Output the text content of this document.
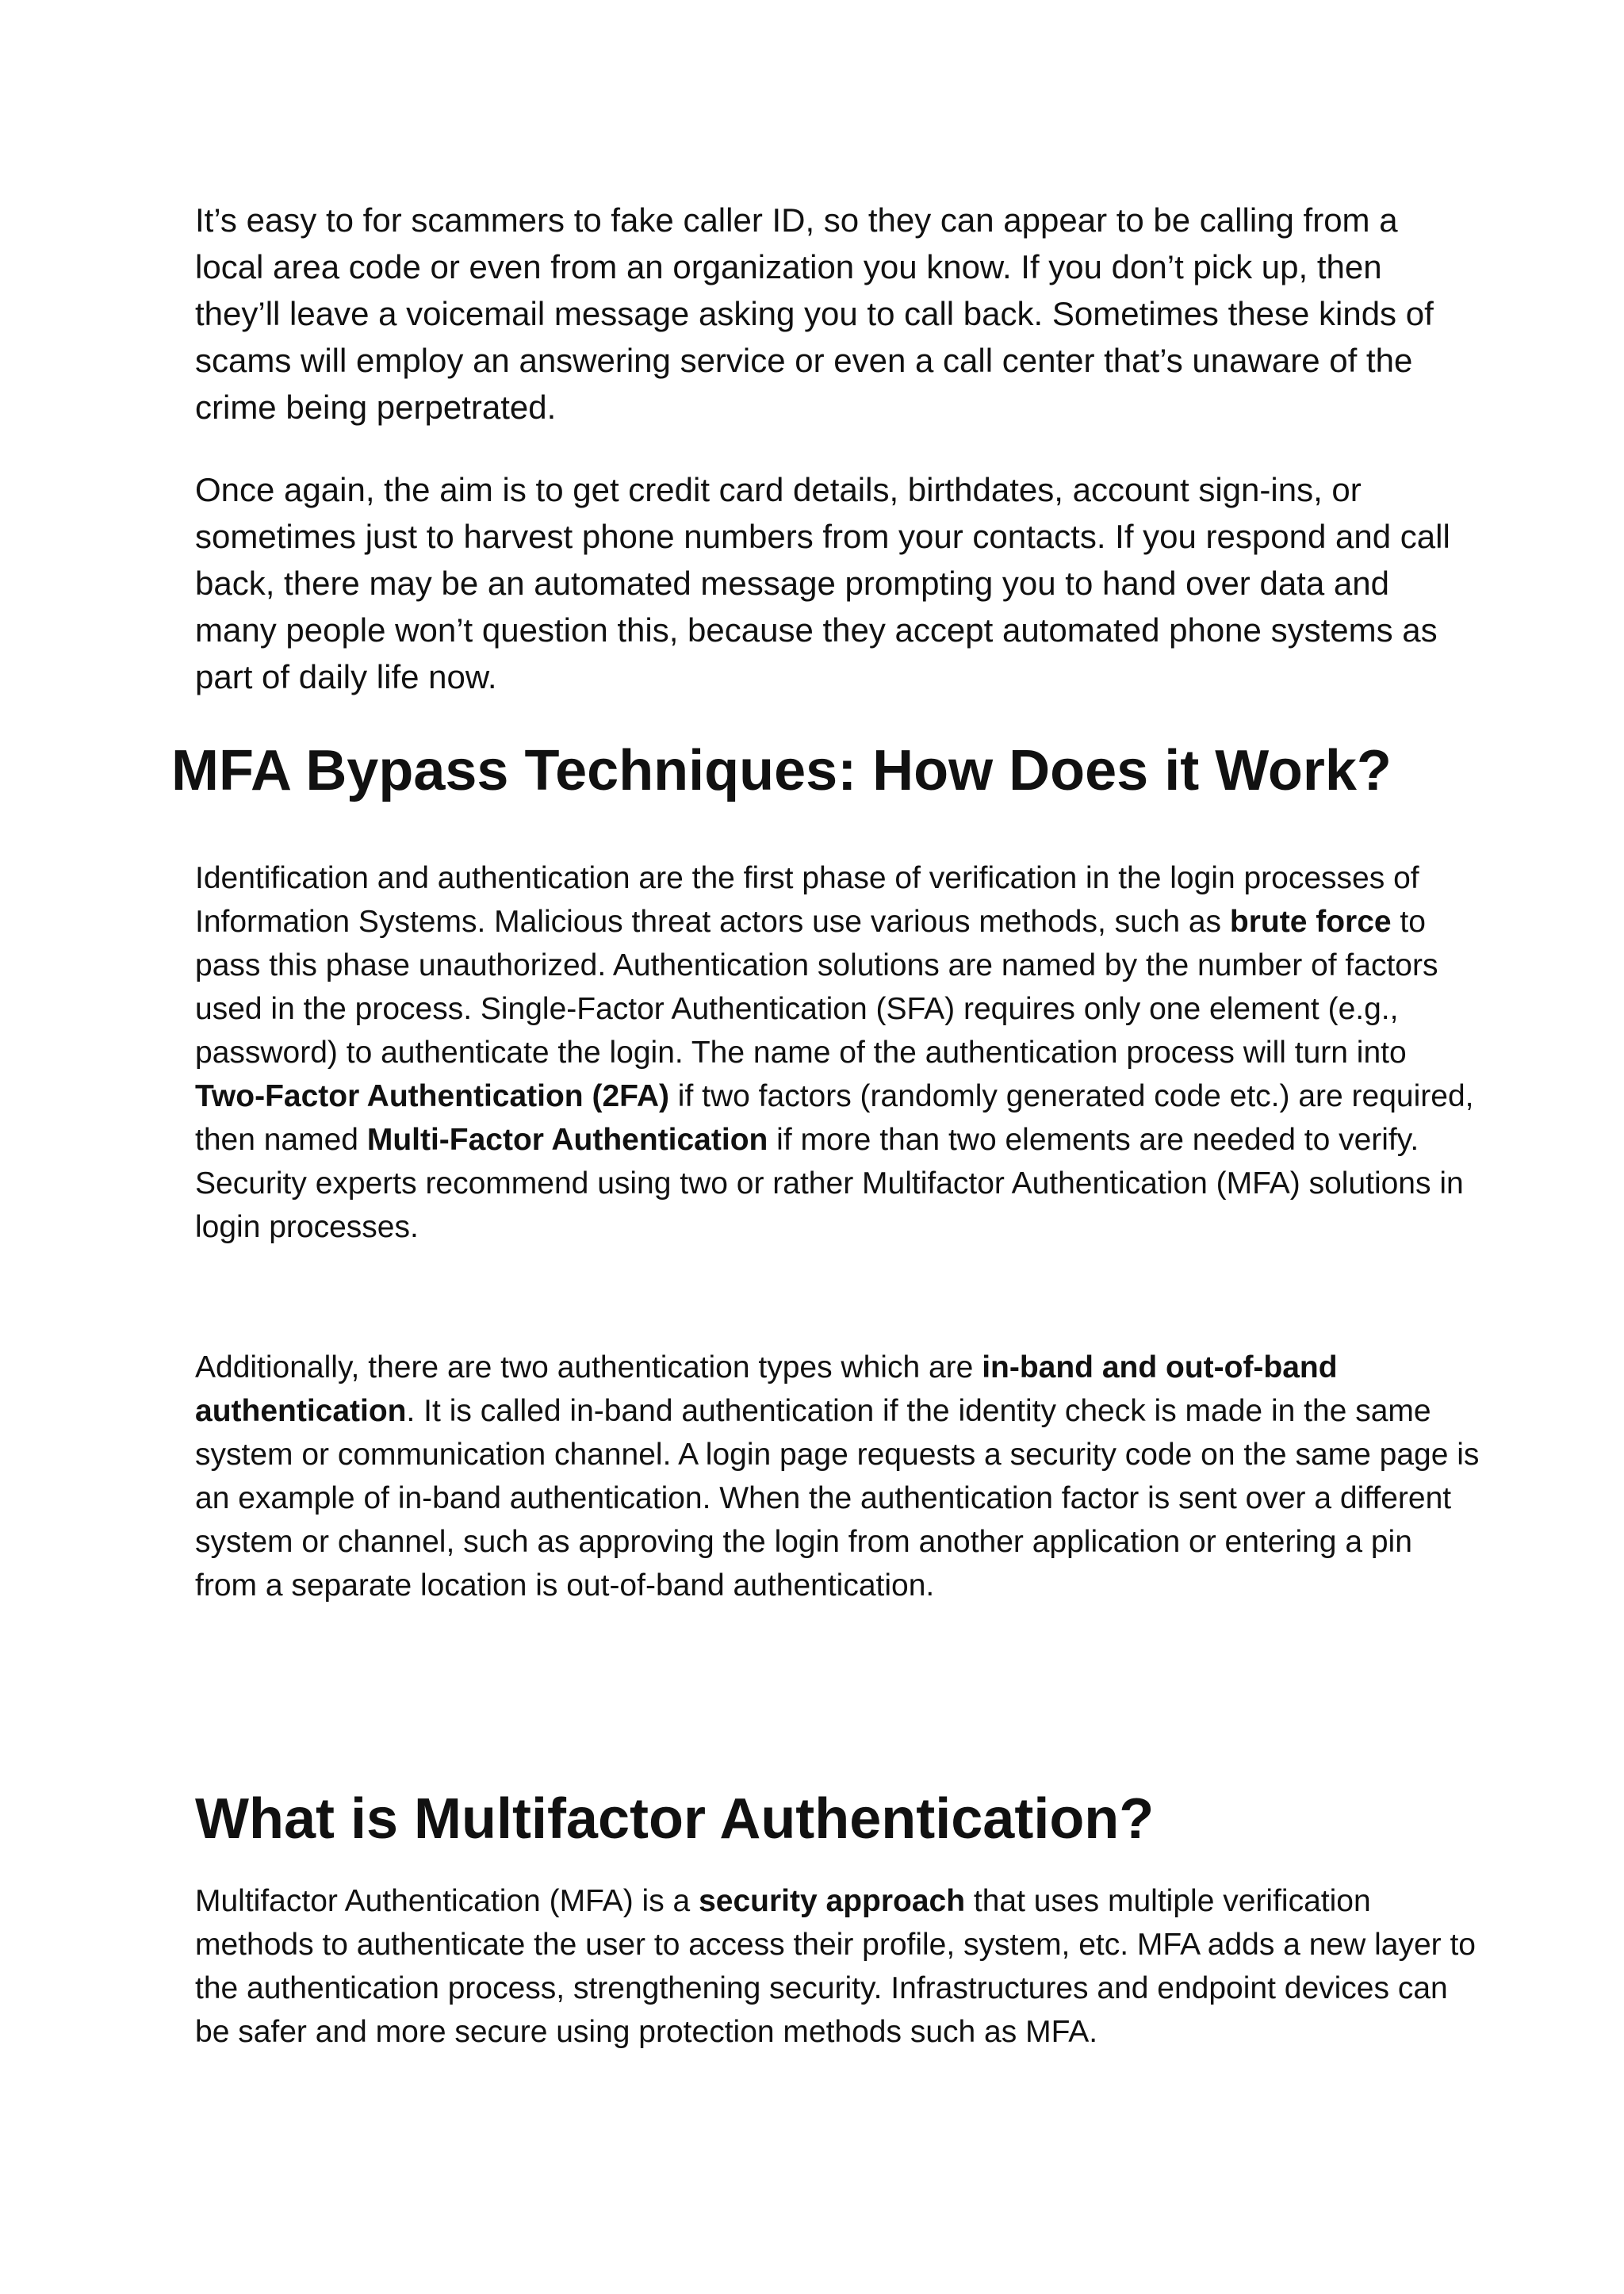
It’s easy to for scammers to fake caller ID, so they can appear to be calling from a local area code or even from an organization you know. If you don’t pick up, then they’ll leave a voicemail message asking you to call back. Sometimes these kinds of scams will employ an answering service or even a call center that’s unaware of the crime being perpetrated.

Once again, the aim is to get credit card details, birthdates, account sign-ins, or sometimes just to harvest phone numbers from your contacts. If you respond and call back, there may be an automated message prompting you to hand over data and many people won’t question this, because they accept automated phone systems as part of daily life now.

MFA Bypass Techniques: How Does it Work?

Identification and authentication are the first phase of verification in the login processes of Information Systems. Malicious threat actors use various methods, such as brute force to pass this phase unauthorized. Authentication solutions are named by the number of factors used in the process. Single-Factor Authentication (SFA) requires only one element (e.g., password) to authenticate the login. The name of the authentication process will turn into Two-Factor Authentication (2FA) if two factors (randomly generated code etc.) are required, then named Multi-Factor Authentication if more than two elements are needed to verify. Security experts recommend using two or rather Multifactor Authentication (MFA) solutions in login processes.

Additionally, there are two authentication types which are in-band and out-of-band authentication. It is called in-band authentication if the identity check is made in the same system or communication channel. A login page requests a security code on the same page is an example of in-band authentication. When the authentication factor is sent over a different system or channel, such as approving the login from another application or entering a pin from a separate location is out-of-band authentication.

What is Multifactor Authentication?

Multifactor Authentication (MFA) is a security approach that uses multiple verification methods to authenticate the user to access their profile, system, etc. MFA adds a new layer to the authentication process, strengthening security. Infrastructures and endpoint devices can be safer and more secure using protection methods such as MFA.
